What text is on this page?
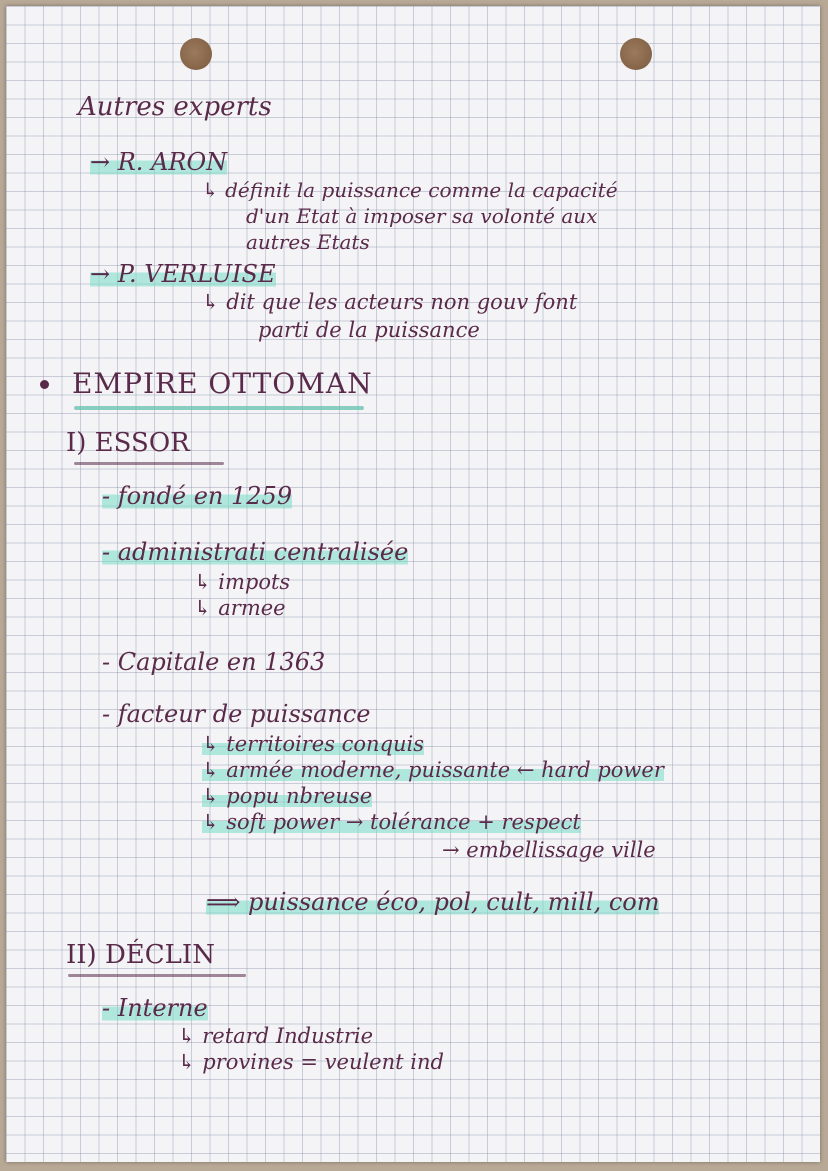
Autres experts
→ R. ARON
↳ définit la puissance comme la capacité
d'un Etat à imposer sa volonté aux
autres Etats
→ P. VERLUISE
↳ dit que les acteurs non gouv font
parti de la puissance
EMPIRE OTTOMAN
I) ESSOR
- fondé en 1259
- administrati centralisée
↳ impots
↳ armee
- Capitale en 1363
- facteur de puissance
↳ territoires conquis
↳ armée moderne, puissante ← hard power
↳ popu nbreuse
↳ soft power → tolérance + respect
→ embellissage ville
⟹ puissance éco, pol, cult, mill, com
II) DÉCLIN
- Interne
↳ retard Industrie
↳ provines = veulent ind
